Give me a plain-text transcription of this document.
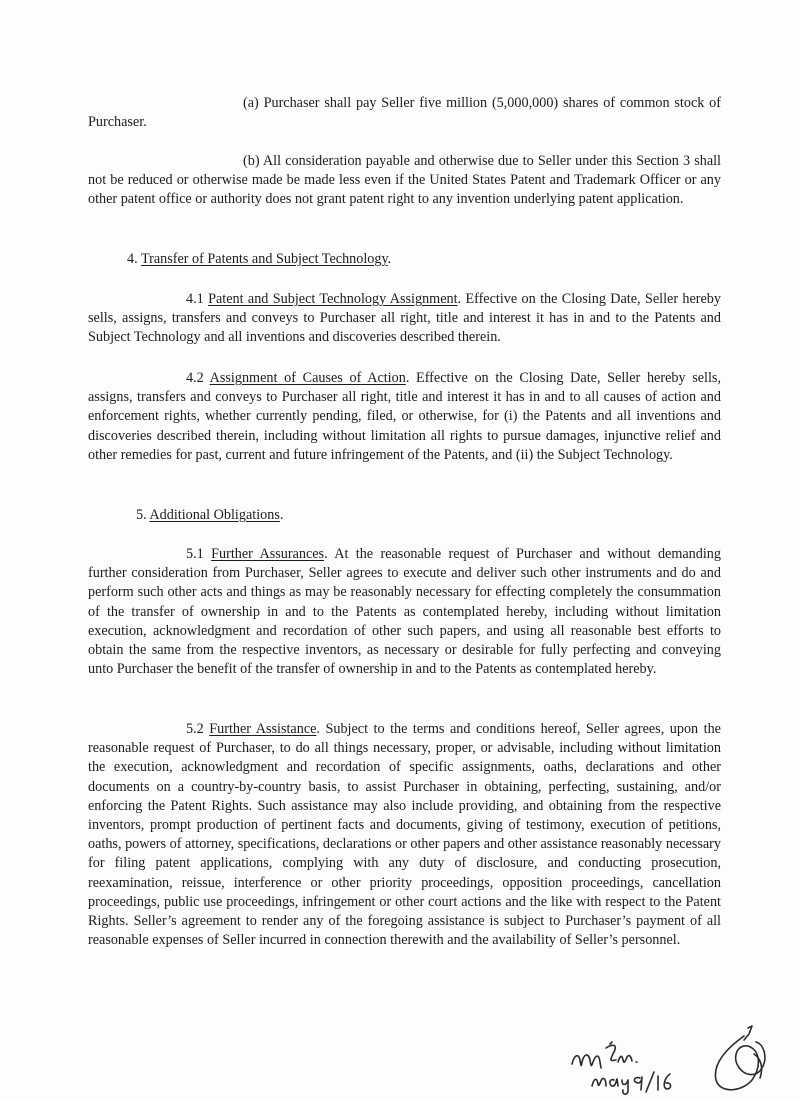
(a) Purchaser shall pay Seller five million (5,000,000) shares of common stock of Purchaser.

(b) All consideration payable and otherwise due to Seller under this Section 3 shall not be reduced or otherwise made be made less even if the United States Patent and Trademark Officer or any other patent office or authority does not grant patent right to any invention underlying patent application.

4. Transfer of Patents and Subject Technology.

4.1 Patent and Subject Technology Assignment. Effective on the Closing Date, Seller hereby sells, assigns, transfers and conveys to Purchaser all right, title and interest it has in and to the Patents and Subject Technology and all inventions and discoveries described therein.

4.2 Assignment of Causes of Action. Effective on the Closing Date, Seller hereby sells, assigns, transfers and conveys to Purchaser all right, title and interest it has in and to all causes of action and enforcement rights, whether currently pending, filed, or otherwise, for (i) the Patents and all inventions and discoveries described therein, including without limitation all rights to pursue damages, injunctive relief and other remedies for past, current and future infringement of the Patents, and (ii) the Subject Technology.

5. Additional Obligations.

5.1 Further Assurances. At the reasonable request of Purchaser and without demanding further consideration from Purchaser, Seller agrees to execute and deliver such other instruments and do and perform such other acts and things as may be reasonably necessary for effecting completely the consummation of the transfer of ownership in and to the Patents as contemplated hereby, including without limitation execution, acknowledgment and recordation of other such papers, and using all reasonable best efforts to obtain the same from the respective inventors, as necessary or desirable for fully perfecting and conveying unto Purchaser the benefit of the transfer of ownership in and to the Patents as contemplated hereby.

5.2 Further Assistance. Subject to the terms and conditions hereof, Seller agrees, upon the reasonable request of Purchaser, to do all things necessary, proper, or advisable, including without limitation the execution, acknowledgment and recordation of specific assignments, oaths, declarations and other documents on a country-by-country basis, to assist Purchaser in obtaining, perfecting, sustaining, and/or enforcing the Patent Rights. Such assistance may also include providing, and obtaining from the respective inventors, prompt production of pertinent facts and documents, giving of testimony, execution of petitions, oaths, powers of attorney, specifications, declarations or other papers and other assistance reasonably necessary for filing patent applications, complying with any duty of disclosure, and conducting prosecution, reexamination, reissue, interference or other priority proceedings, opposition proceedings, cancellation proceedings, public use proceedings, infringement or other court actions and the like with respect to the Patent Rights. Seller’s agreement to render any of the foregoing assistance is subject to Purchaser’s payment of all reasonable expenses of Seller incurred in connection therewith and the availability of Seller’s personnel.
